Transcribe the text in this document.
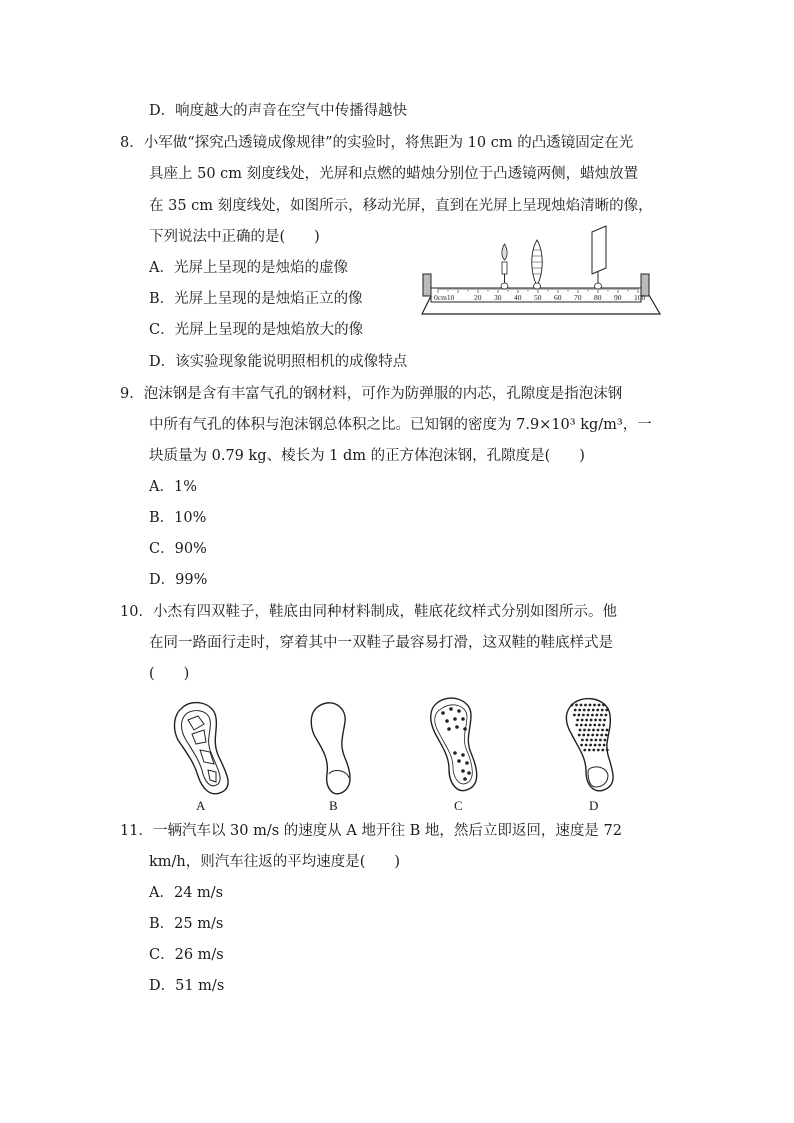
D．响度越大的声音在空气中传播得越快
8．小军做“探究凸透镜成像规律”的实验时，将焦距为 10 cm 的凸透镜固定在光
具座上 50 cm 刻度线处，光屏和点燃的蜡烛分别位于凸透镜两侧，蜡烛放置
在 35 cm 刻度线处，如图所示，移动光屏，直到在光屏上呈现烛焰清晰的像，
下列说法中正确的是(　　)
A．光屏上呈现的是烛焰的虚像
B．光屏上呈现的是烛焰正立的像
C．光屏上呈现的是烛焰放大的像
D．该实验现象能说明照相机的成像特点
0cm10	20 30 40 50 60 70 80 90 100
9．泡沫钢是含有丰富气孔的钢材料，可作为防弹服的内芯，孔隙度是指泡沫钢
中所有气孔的体积与泡沫钢总体积之比。已知钢的密度为 7.9×10³ kg/m³，一
块质量为 0.79 kg、棱长为 1 dm 的正方体泡沫钢，孔隙度是(　　)
A．1%
B．10%
C．90%
D．99%
10．小杰有四双鞋子，鞋底由同种材料制成，鞋底花纹样式分别如图所示。他
在同一路面行走时，穿着其中一双鞋子最容易打滑，这双鞋的鞋底样式是
(　　)
A	B	C	D
11．一辆汽车以 30 m/s 的速度从 A 地开往 B 地，然后立即返回，速度是 72
km/h，则汽车往返的平均速度是(　　)
A．24 m/s
B．25 m/s
C．26 m/s
D．51 m/s
